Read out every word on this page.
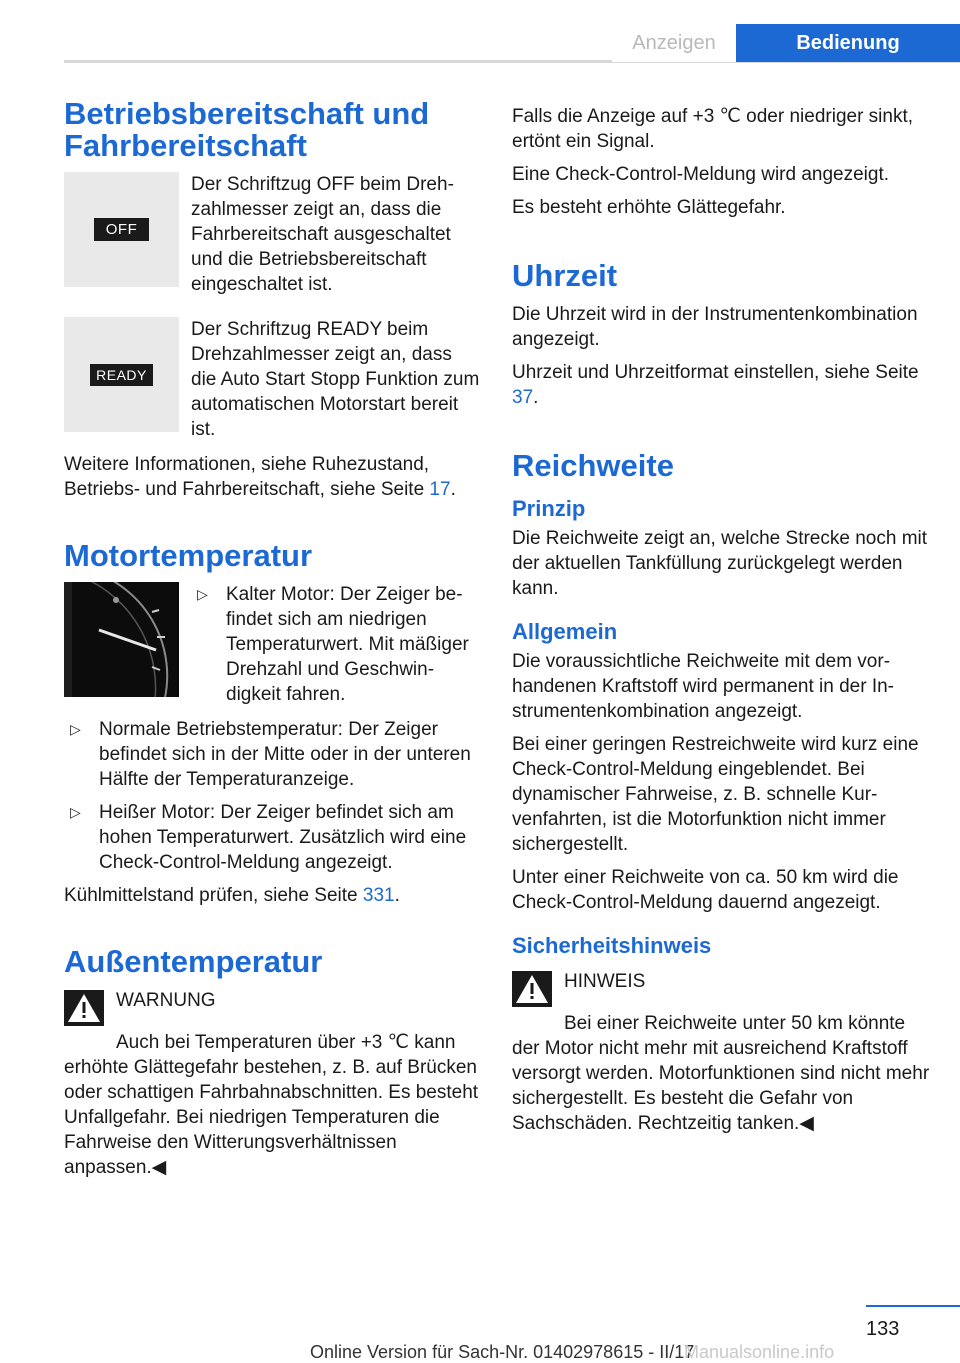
Anzeigen	Bedienung
Betriebsbereitschaft und Fahrbereitschaft
OFF
Der Schriftzug OFF beim Drehzahlmesser zeigt an, dass die Fahrbereitschaft ausgeschaltet und die Betriebsbereitschaft eingeschaltet ist.
READY
Der Schriftzug READY beim Drehzahlmesser zeigt an, dass die Auto Start Stopp Funktion zum automatischen Motorstart bereit ist.

Weitere Informationen, siehe Ruhezustand, Betriebs- und Fahrbereitschaft, siehe Seite 17.

Motortemperatur
▷ Kalter Motor: Der Zeiger befindet sich am niedrigen Temperaturwert. Mit mäßiger Drehzahl und Geschwindigkeit fahren.
▷ Normale Betriebstemperatur: Der Zeiger befindet sich in der Mitte oder in der unteren Hälfte der Temperaturanzeige.
▷ Heißer Motor: Der Zeiger befindet sich am hohen Temperaturwert. Zusätzlich wird eine Check-Control-Meldung angezeigt.

Kühlmittelstand prüfen, siehe Seite 331.

Außentemperatur
WARNUNG

Auch bei Temperaturen über +3 ℃ kann erhöhte Glättegefahr bestehen, z. B. auf Brücken oder schattigen Fahrbahnabschnitten. Es besteht Unfallgefahr. Bei niedrigen Temperaturen die Fahrweise den Witterungsverhältnissen anpassen.◀

Falls die Anzeige auf +3 ℃ oder niedriger sinkt, ertönt ein Signal.

Eine Check-Control-Meldung wird angezeigt.

Es besteht erhöhte Glättegefahr.

Uhrzeit

Die Uhrzeit wird in der Instrumentenkombination angezeigt.

Uhrzeit und Uhrzeitformat einstellen, siehe Seite 37.

Reichweite
Prinzip

Die Reichweite zeigt an, welche Strecke noch mit der aktuellen Tankfüllung zurückgelegt werden kann.

Allgemein

Die voraussichtliche Reichweite mit dem vorhandenen Kraftstoff wird permanent in der Instrumentenkombination angezeigt.

Bei einer geringen Restreichweite wird kurz eine Check-Control-Meldung eingeblendet. Bei dynamischer Fahrweise, z. B. schnelle Kurvenfahrten, ist die Motorfunktion nicht immer sichergestellt.

Unter einer Reichweite von ca. 50 km wird die Check-Control-Meldung dauernd angezeigt.

Sicherheitshinweis
HINWEIS

Bei einer Reichweite unter 50 km könnte der Motor nicht mehr mit ausreichend Kraftstoff versorgt werden. Motorfunktionen sind nicht mehr sichergestellt. Es besteht die Gefahr von Sachschäden. Rechtzeitig tanken.◀

133
Online Version für Sach-Nr. 01402978615 - II/17
Manualsonline.info
